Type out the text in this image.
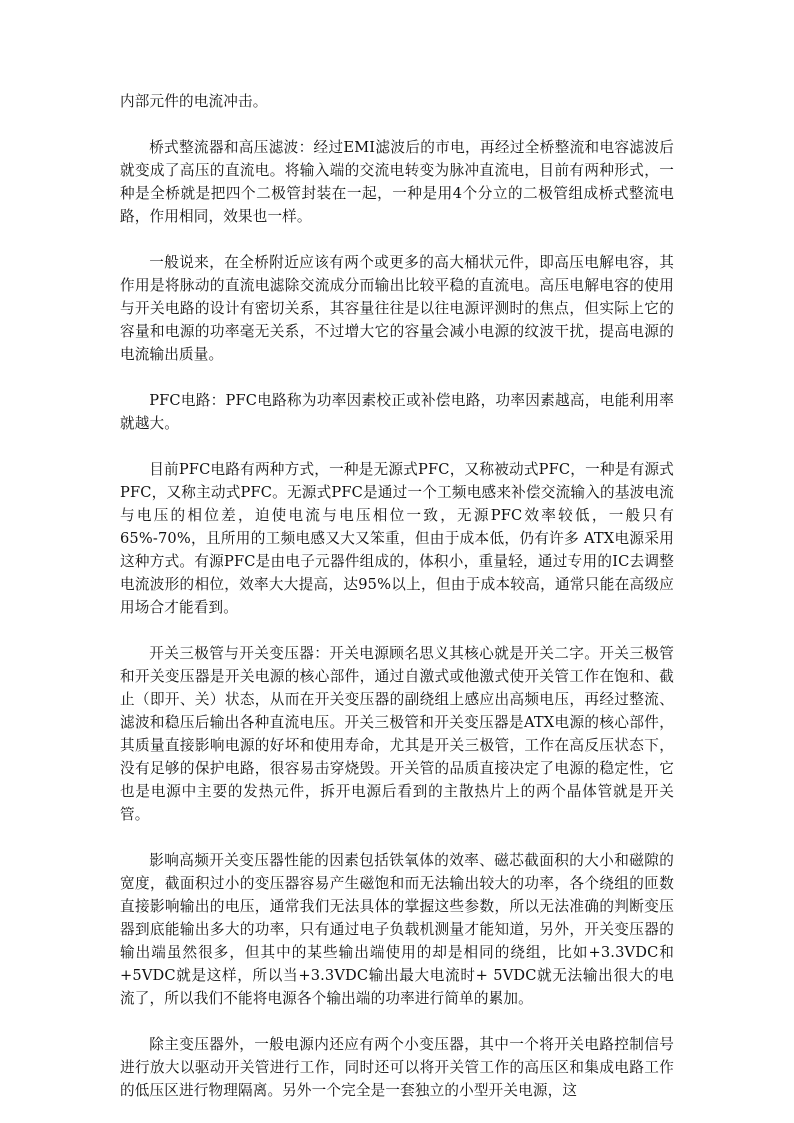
内部元件的电流冲击。

桥式整流器和高压滤波：经过EMI滤波后的市电，再经过全桥整流和电容滤波后就变成了高压的直流电。将输入端的交流电转变为脉冲直流电，目前有两种形式，一种是全桥就是把四个二极管封装在一起，一种是用4个分立的二极管组成桥式整流电路，作用相同，效果也一样。

一般说来，在全桥附近应该有两个或更多的高大桶状元件，即高压电解电容，其作用是将脉动的直流电滤除交流成分而输出比较平稳的直流电。高压电解电容的使用与开关电路的设计有密切关系，其容量往往是以往电源评测时的焦点，但实际上它的容量和电源的功率毫无关系，不过增大它的容量会减小电源的纹波干扰，提高电源的电流输出质量。

PFC电路：PFC电路称为功率因素校正或补偿电路，功率因素越高，电能利用率就越大。

目前PFC电路有两种方式，一种是无源式PFC，又称被动式PFC，一种是有源式PFC，又称主动式PFC。无源式PFC是通过一个工频电感来补偿交流输入的基波电流与电压的相位差，迫使电流与电压相位一致，无源PFC效率较低，一般只有65%-70%，且所用的工频电感又大又笨重，但由于成本低，仍有许多 ATX电源采用这种方式。有源PFC是由电子元器件组成的，体积小，重量轻，通过专用的IC去调整电流波形的相位，效率大大提高，达95%以上，但由于成本较高，通常只能在高级应用场合才能看到。

开关三极管与开关变压器：开关电源顾名思义其核心就是开关二字。开关三极管和开关变压器是开关电源的核心部件，通过自激式或他激式使开关管工作在饱和、截止（即开、关）状态，从而在开关变压器的副绕组上感应出高频电压，再经过整流、滤波和稳压后输出各种直流电压。开关三极管和开关变压器是ATX电源的核心部件，其质量直接影响电源的好坏和使用寿命，尤其是开关三极管，工作在高反压状态下，没有足够的保护电路，很容易击穿烧毁。开关管的品质直接决定了电源的稳定性，它也是电源中主要的发热元件，拆开电源后看到的主散热片上的两个晶体管就是开关管。

影响高频开关变压器性能的因素包括铁氧体的效率、磁芯截面积的大小和磁隙的宽度，截面积过小的变压器容易产生磁饱和而无法输出较大的功率，各个绕组的匝数直接影响输出的电压，通常我们无法具体的掌握这些参数，所以无法准确的判断变压器到底能输出多大的功率，只有通过电子负载机测量才能知道，另外，开关变压器的输出端虽然很多，但其中的某些输出端使用的却是相同的绕组，比如+3.3VDC和+5VDC就是这样，所以当+3.3VDC输出最大电流时+ 5VDC就无法输出很大的电流了，所以我们不能将电源各个输出端的功率进行简单的累加。

除主变压器外，一般电源内还应有两个小变压器，其中一个将开关电路控制信号进行放大以驱动开关管进行工作，同时还可以将开关管工作的高压区和集成电路工作的低压区进行物理隔离。另外一个完全是一套独立的小型开关电源，这
